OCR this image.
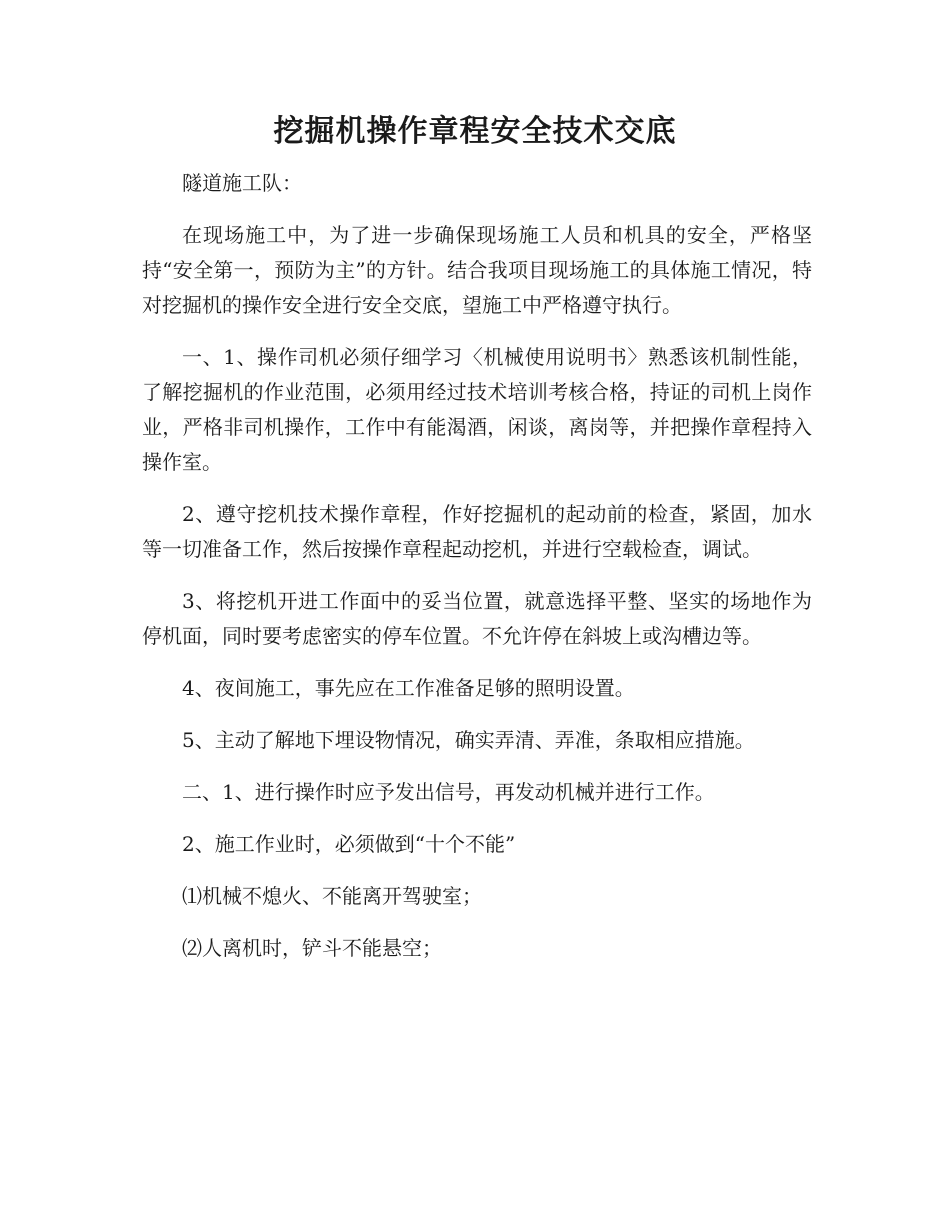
挖掘机操作章程安全技术交底

隧道施工队：

在现场施工中，为了进一步确保现场施工人员和机具的安全，严格坚持“安全第一，预防为主”的方针。结合我项目现场施工的具体施工情况，特对挖掘机的操作安全进行安全交底，望施工中严格遵守执行。

一、1、操作司机必须仔细学习〈机械使用说明书〉熟悉该机制性能，了解挖掘机的作业范围，必须用经过技术培训考核合格，持证的司机上岗作业，严格非司机操作，工作中有能渴酒，闲谈，离岗等，并把操作章程持入操作室。

2、遵守挖机技术操作章程，作好挖掘机的起动前的检查，紧固，加水等一切准备工作，然后按操作章程起动挖机，并进行空载检查，调试。

3、将挖机开进工作面中的妥当位置，就意选择平整、坚实的场地作为停机面，同时要考虑密实的停车位置。不允许停在斜坡上或沟槽边等。

4、夜间施工，事先应在工作准备足够的照明设置。

5、主动了解地下埋设物情况，确实弄清、弄准，条取相应措施。

二、1、进行操作时应予发出信号，再发动机械并进行工作。

2、施工作业时，必须做到“十个不能”

⑴机械不熄火、不能离开驾驶室；

⑵人离机时，铲斗不能悬空；
